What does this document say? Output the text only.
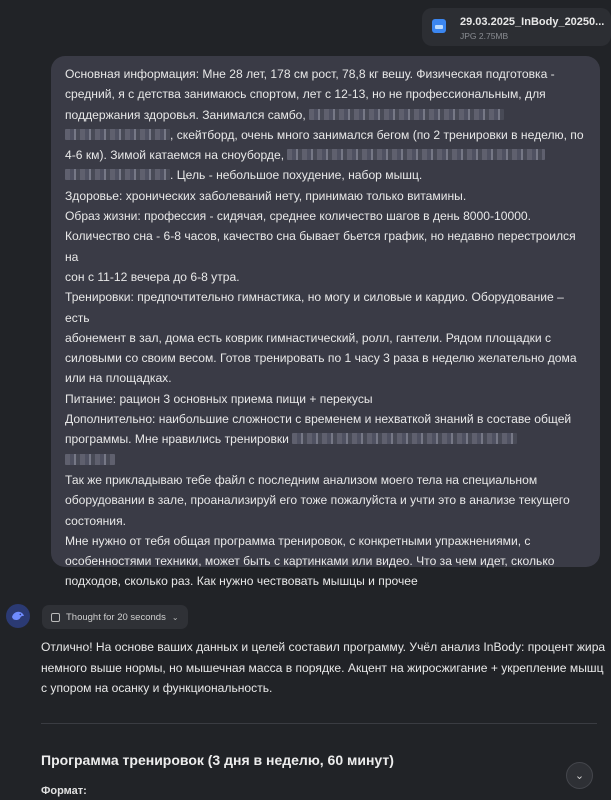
29.03.2025_InBody_20250...
JPG 2.75MB

Основная информация: Мне 28 лет, 178 см рост, 78,8 кг вешу. Физическая подготовка -

средний, я с детства занимаюсь спортом, лет с 12-13, но не профессиональным, для

поддержания здоровья. Занимался самбо,

, скейтборд, очень много занимался бегом (по 2 тренировки в неделю, по

4-6 км). Зимой катаемся на сноуборде,

. Цель - небольшое похудение, набор мышц.

Здоровье: хронических заболеваний нету, принимаю только витамины.

Образ жизни: профессия - сидячая, среднее количество шагов в день 8000-10000.

Количество сна - 6-8 часов, качество сна бывает бьется график, но недавно перестроился на

сон с 11-12 вечера до 6-8 утра.

Тренировки: предпочтительно гимнастика, но могу и силовые и кардио. Оборудование – есть

абонемент в зал, дома есть коврик гимнастический, ролл, гантели. Рядом площадки с

силовыми со своим весом. Готов тренировать по 1 часу 3 раза в неделю желательно дома

или на площадках.

Питание: рацион 3 основных приема пищи + перекусы

Дополнительно: наибольшие сложности с временем и нехваткой знаний в составе общей

программы. Мне нравились тренировки

Так же прикладываю тебе файл с последним анализом моего тела на специальном

оборудовании в зале, проанализируй его тоже пожалуйста и учти это в анализе текущего

состояния.

Мне нужно от тебя общая программа тренировок, с конкретными упражнениями, с

особенностями техники, может быть с картинками или видео. Что за чем идет, сколько

подходов, сколько раз. Как нужно чествовать мышцы и прочее

Thought for 20 seconds ⌄
Отлично! На основе ваших данных и целей составил программу. Учёл анализ InBody: процент жира
немного выше нормы, но мышечная масса в порядке. Акцент на жиросжигание + укрепление мышц
с упором на осанку и функциональность.
Программа тренировок (3 дня в неделю, 60 минут)
⌄
Формат:
